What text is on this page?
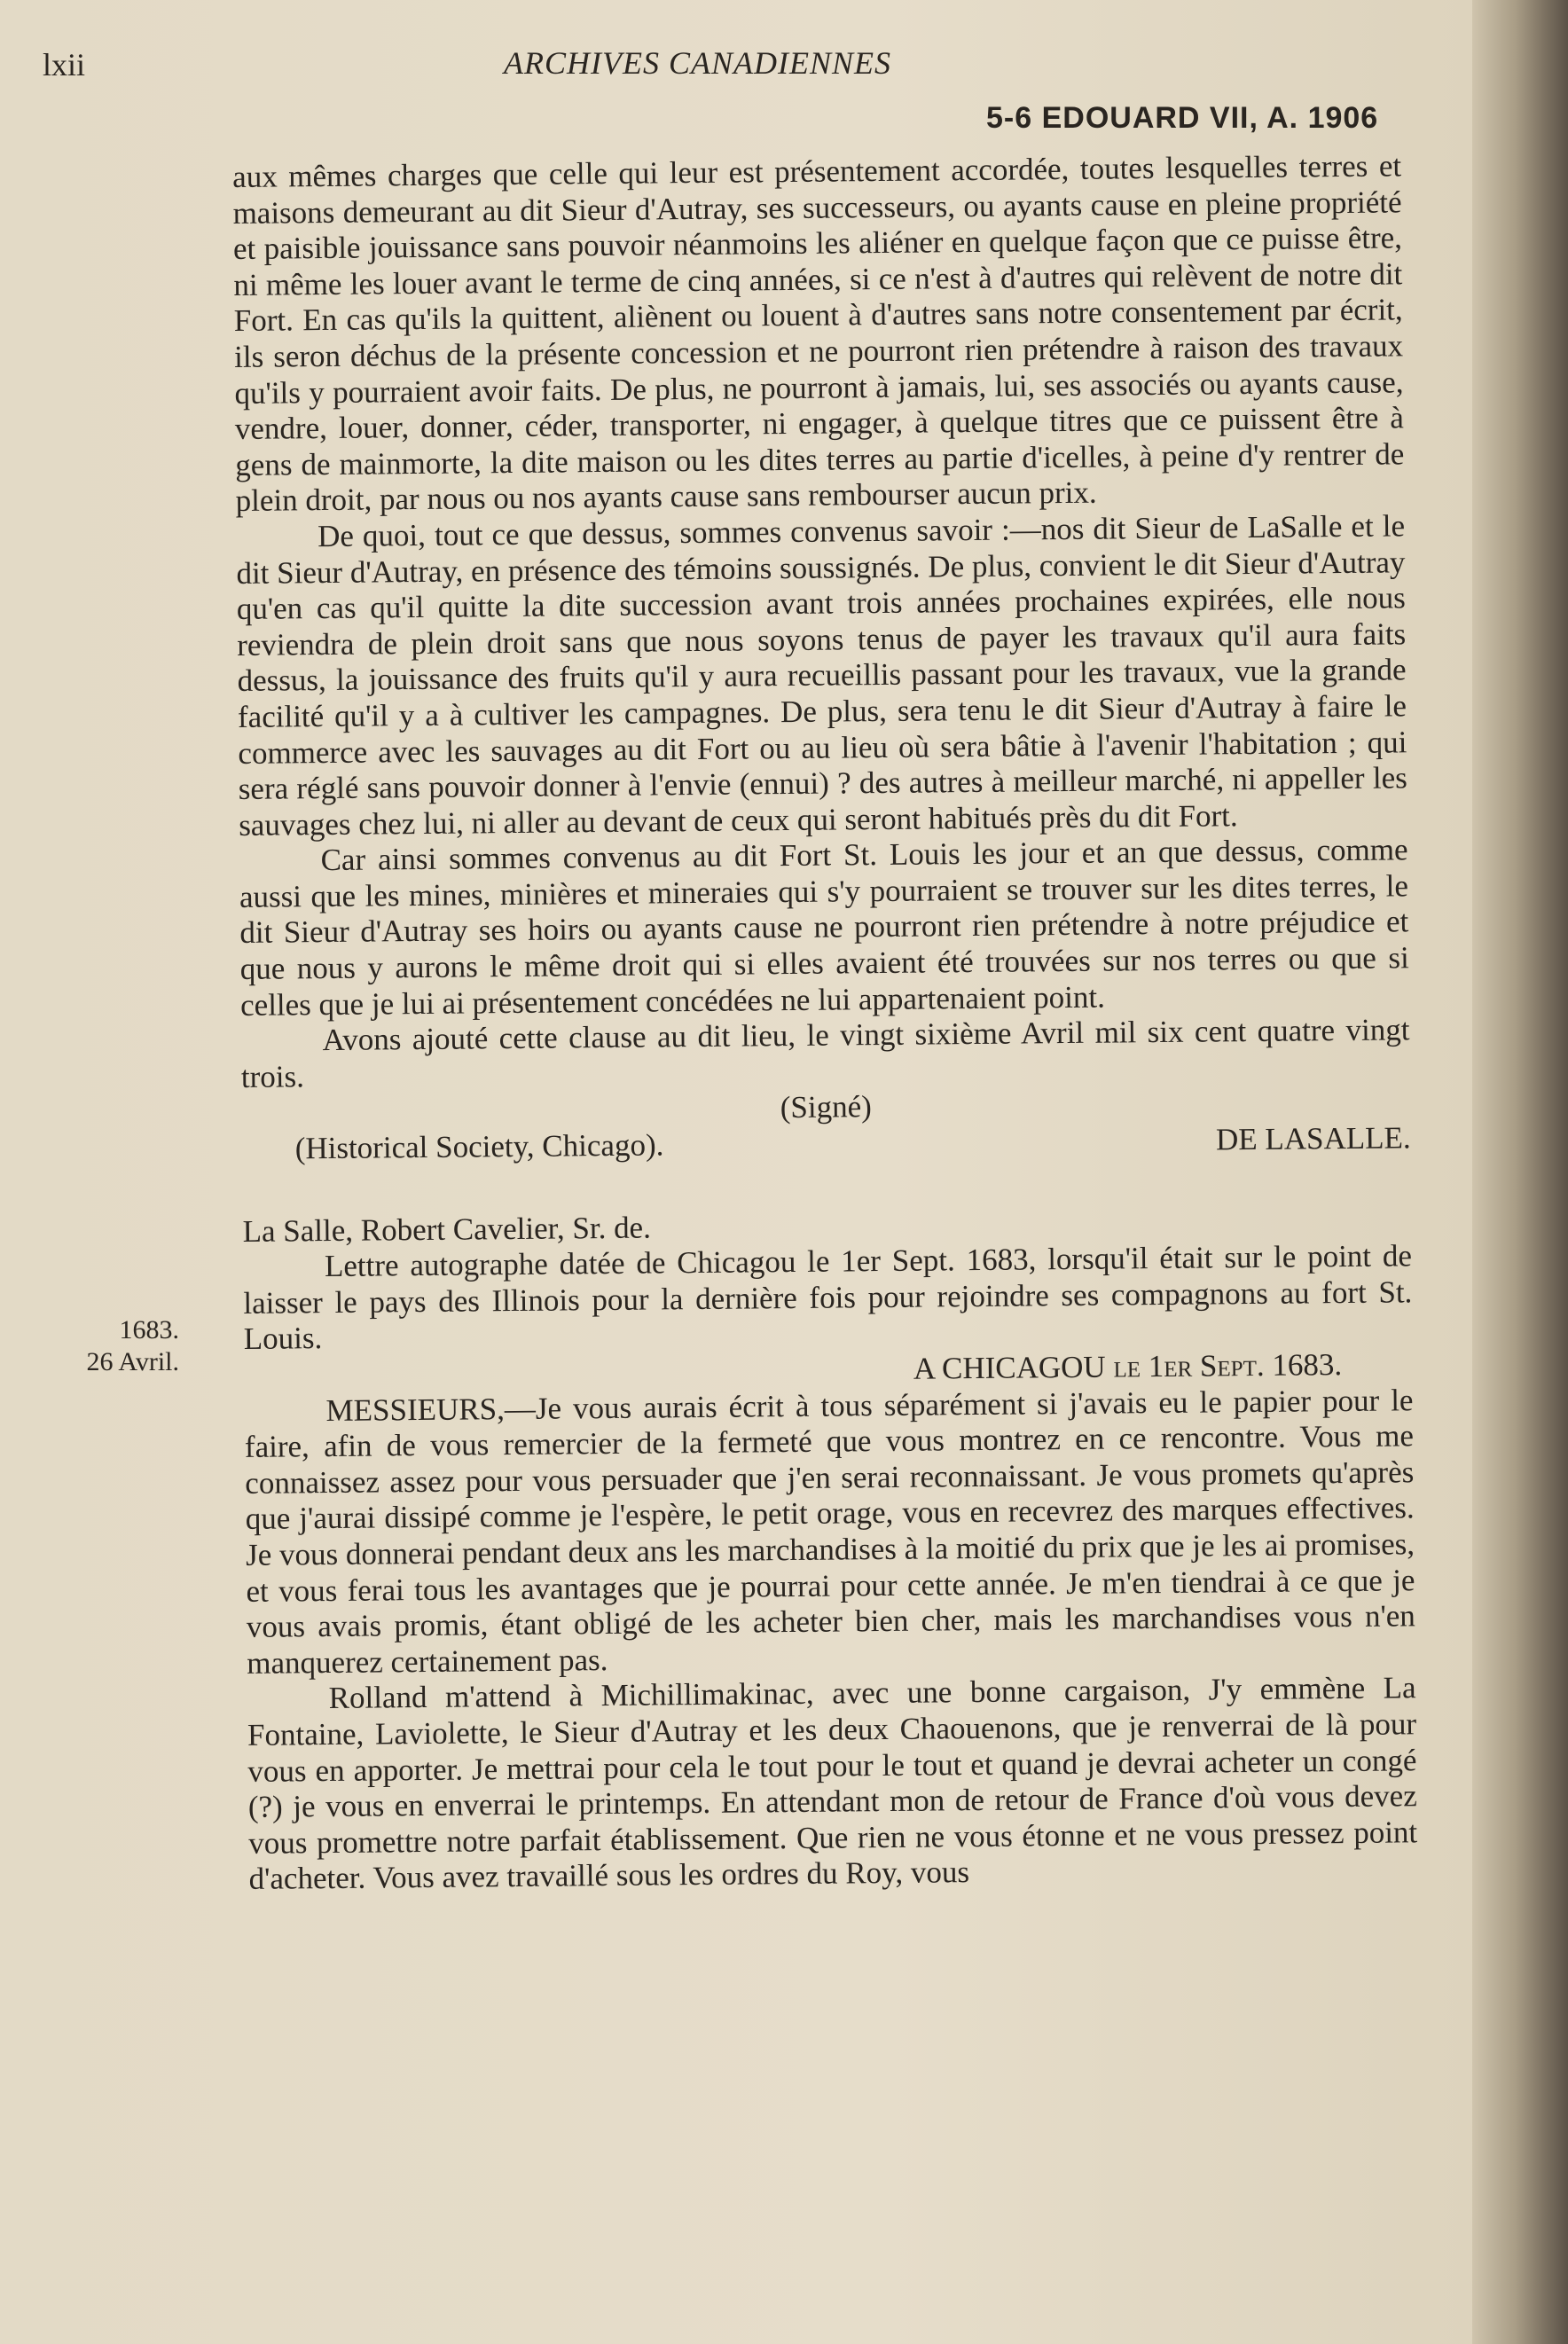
lxii	ARCHIVES CANADIENNES
5-6 EDOUARD VII, A. 1906
1683.
26 Avril.

aux mêmes charges que celle qui leur est présentement accordée, toutes lesquelles terres et maisons demeurant au dit Sieur d'Autray, ses successeurs, ou ayants cause en pleine propriété et paisible jouissance sans pouvoir néanmoins les aliéner en quelque façon que ce puisse être, ni même les louer avant le terme de cinq années, si ce n'est à d'autres qui relèvent de notre dit Fort. En cas qu'ils la quittent, aliènent ou louent à d'autres sans notre consentement par écrit, ils seron déchus de la présente concession et ne pourront rien prétendre à raison des travaux qu'ils y pourraient avoir faits. De plus, ne pourront à jamais, lui, ses associés ou ayants cause, vendre, louer, donner, céder, transporter, ni engager, à quelque titres que ce puissent être à gens de mainmorte, la dite maison ou les dites terres au partie d'icelles, à peine d'y rentrer de plein droit, par nous ou nos ayants cause sans rembourser aucun prix.

De quoi, tout ce que dessus, sommes convenus savoir :—nos dit Sieur de LaSalle et le dit Sieur d'Autray, en présence des témoins soussignés. De plus, convient le dit Sieur d'Autray qu'en cas qu'il quitte la dite succession avant trois années prochaines expirées, elle nous reviendra de plein droit sans que nous soyons tenus de payer les travaux qu'il aura faits dessus, la jouissance des fruits qu'il y aura recueillis passant pour les travaux, vue la grande facilité qu'il y a à cultiver les campagnes. De plus, sera tenu le dit Sieur d'Autray à faire le commerce avec les sauvages au dit Fort ou au lieu où sera bâtie à l'avenir l'habitation ; qui sera réglé sans pouvoir donner à l'envie (ennui) ? des autres à meilleur marché, ni appeller les sauvages chez lui, ni aller au devant de ceux qui seront habitués près du dit Fort.

Car ainsi sommes convenus au dit Fort St. Louis les jour et an que dessus, comme aussi que les mines, minières et mineraies qui s'y pourraient se trouver sur les dites terres, le dit Sieur d'Autray ses hoirs ou ayants cause ne pourront rien prétendre à notre préjudice et que nous y aurons le même droit qui si elles avaient été trouvées sur nos terres ou que si celles que je lui ai présentement concédées ne lui appartenaient point.

Avons ajouté cette clause au dit lieu, le vingt sixième Avril mil six cent quatre vingt trois.

(Signé)

(Historical Society, Chicago).	DE LASALLE.

La Salle, Robert Cavelier, Sr. de.

Lettre autographe datée de Chicagou le 1er Sept. 1683, lorsqu'il était sur le point de laisser le pays des Illinois pour la dernière fois pour rejoindre ses compagnons au fort St. Louis.

A CHICAGOU le 1er Sept. 1683.

MESSIEURS,—Je vous aurais écrit à tous séparément si j'avais eu le papier pour le faire, afin de vous remercier de la fermeté que vous montrez en ce rencontre. Vous me connaissez assez pour vous persuader que j'en serai reconnaissant. Je vous promets qu'après que j'aurai dissipé comme je l'espère, le petit orage, vous en recevrez des marques effectives. Je vous donnerai pendant deux ans les marchandises à la moitié du prix que je les ai promises, et vous ferai tous les avantages que je pourrai pour cette année. Je m'en tiendrai à ce que je vous avais promis, étant obligé de les acheter bien cher, mais les marchandises vous n'en manquerez certainement pas.

Rolland m'attend à Michillimakinac, avec une bonne cargaison, J'y emmène La Fontaine, Laviolette, le Sieur d'Autray et les deux Chaouenons, que je renverrai de là pour vous en apporter. Je mettrai pour cela le tout pour le tout et quand je devrai acheter un congé (?) je vous en enverrai le printemps. En attendant mon de retour de France d'où vous devez vous promettre notre parfait établissement. Que rien ne vous étonne et ne vous pressez point d'acheter. Vous avez travaillé sous les ordres du Roy, vous
